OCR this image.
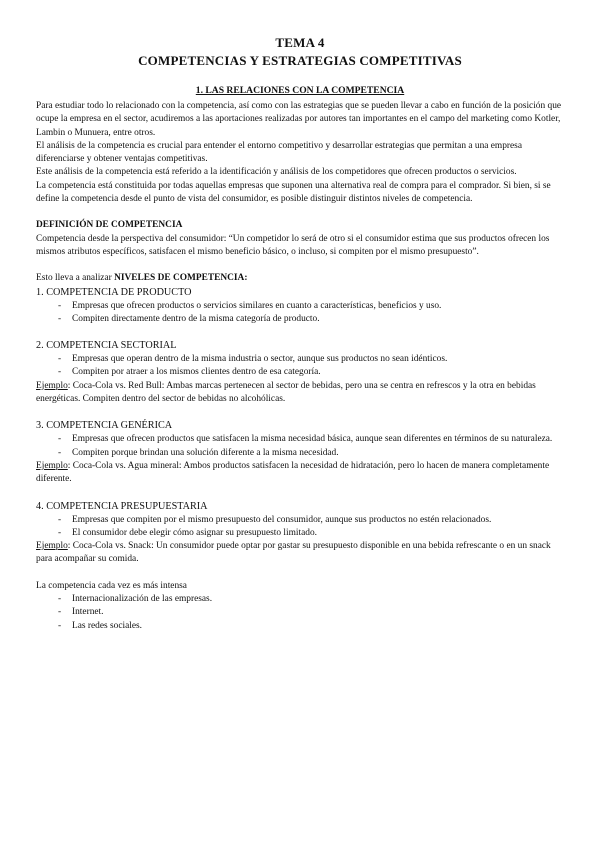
TEMA 4
COMPETENCIAS Y ESTRATEGIAS COMPETITIVAS
1. LAS RELACIONES CON LA COMPETENCIA

Para estudiar todo lo relacionado con la competencia, así como con las estrategias que se pueden llevar a cabo en función de la posición que ocupe la empresa en el sector, acudiremos a las aportaciones realizadas por autores tan importantes en el campo del marketing como Kotler, Lambin o Munuera, entre otros.

El análisis de la competencia es crucial para entender el entorno competitivo y desarrollar estrategias que permitan a una empresa diferenciarse y obtener ventajas competitivas.

Este análisis de la competencia está referido a la identificación y análisis de los competidores que ofrecen productos o servicios.

La competencia está constituida por todas aquellas empresas que suponen una alternativa real de compra para el comprador. Si bien, si se define la competencia desde el punto de vista del consumidor, es posible distinguir distintos niveles de competencia.

DEFINICIÓN DE COMPETENCIA

Competencia desde la perspectiva del consumidor: “Un competidor lo será de otro si el consumidor estima que sus productos ofrecen los mismos atributos específicos, satisfacen el mismo beneficio básico, o incluso, si compiten por el mismo presupuesto”.

Esto lleva a analizar NIVELES DE COMPETENCIA:

1. COMPETENCIA DE PRODUCTO

- Empresas que ofrecen productos o servicios similares en cuanto a características, beneficios y uso.
- Compiten directamente dentro de la misma categoría de producto.

2. COMPETENCIA SECTORIAL

- Empresas que operan dentro de la misma industria o sector, aunque sus productos no sean idénticos.
- Compiten por atraer a los mismos clientes dentro de esa categoría.

Ejemplo: Coca-Cola vs. Red Bull: Ambas marcas pertenecen al sector de bebidas, pero una se centra en refrescos y la otra en bebidas energéticas. Compiten dentro del sector de bebidas no alcohólicas.

3. COMPETENCIA GENÉRICA

- Empresas que ofrecen productos que satisfacen la misma necesidad básica, aunque sean diferentes en términos de su naturaleza.
- Compiten porque brindan una solución diferente a la misma necesidad.

Ejemplo: Coca-Cola vs. Agua mineral: Ambos productos satisfacen la necesidad de hidratación, pero lo hacen de manera completamente diferente.

4. COMPETENCIA PRESUPUESTARIA

- Empresas que compiten por el mismo presupuesto del consumidor, aunque sus productos no estén relacionados.
- El consumidor debe elegir cómo asignar su presupuesto limitado.

Ejemplo: Coca-Cola vs. Snack: Un consumidor puede optar por gastar su presupuesto disponible en una bebida refrescante o en un snack para acompañar su comida.

La competencia cada vez es más intensa

- Internacionalización de las empresas.
- Internet.
- Las redes sociales.
